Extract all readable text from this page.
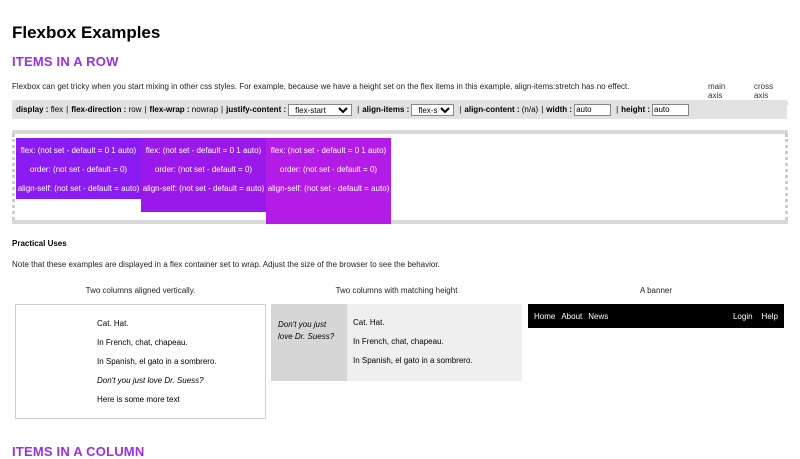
Flexbox Examples
ITEMS IN A ROW
Flexbox can get tricky when you start mixing in other css styles. For example, because we have a height set on the flex items in this example, align-items:stretch has no effect.	main axis
cross axis
display :
flex | flex-direction :
row | flex-wrap :
nowrap | justify-content :
flex-start	| align-items :
flex-start	| align-content :
(n/a) | width :
auto	| height :
auto
flex: (not set - default = 0 1 auto)
order: (not set - default = 0)
align-self: (not set - default = auto)
flex: (not set - default = 0 1 auto)
order: (not set - default = 0)
align-self: (not set - default = auto)
flex: (not set - default = 0 1 auto)
order: (not set - default = 0)
align-self: (not set - default = auto)
Practical Uses
Note that these examples are displayed in a flex container set to wrap. Adjust the size of the browser to see the behavior.
Two columns aligned vertically.	Two columns with matching height	A banner

Cat. Hat.

In French, chat, chapeau.

In Spanish, el gato in a sombrero.

Don't you just love Dr. Suess?

Here is some more text

Don't you just love Dr. Suess?

Cat. Hat.

In French, chat, chapeau.

In Spanish, el gato in a sombrero.

Home About News	Login Help
ITEMS IN A COLUMN
